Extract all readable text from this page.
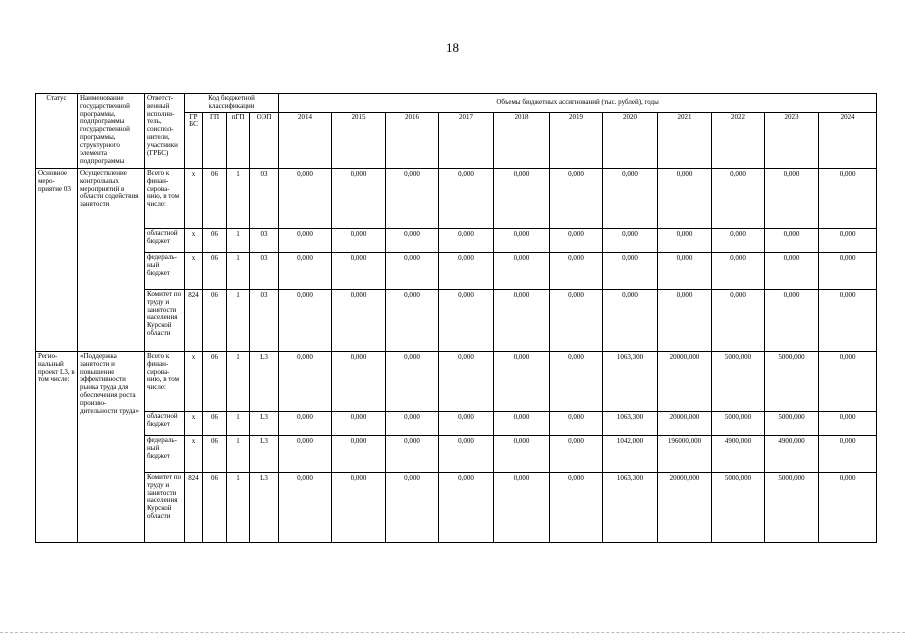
18
Статус	Наименование государственной программы, подпрограммы государственной программы, структурного элемента подпрограммы	Ответст-венный исполни-тель, соиспол-нители, участники (ГРБС)	Код бюджетной классификации				Объемы бюджетных ассигнований (тыс. рублей), годы										
			ГР БС	ГП	пГП	ОЭП	2014	2015	2016	2017	2018	2019	2020	2021	2022	2023	2024
Основное меро-приятие 03	Осуществление контрольных мероприятий в области содействия занятости	Всего к финан-сирова-нию, в том числе:	х	06	1	03	0,000	0,000	0,000	0,000	0,000	0,000	0,000	0,000	0,000	0,000	0,000
		областной бюджет	х	06	1	03	0,000	0,000	0,000	0,000	0,000	0,000	0,000	0,000	0,000	0,000	0,000
		федераль-ный бюджет	х	06	1	03	0,000	0,000	0,000	0,000	0,000	0,000	0,000	0,000	0,000	0,000	0,000
		Комитет по труду и занятости населения Курской области	824	06	1	03	0,000	0,000	0,000	0,000	0,000	0,000	0,000	0,000	0,000	0,000	0,000
Регио-нальный проект L3, в том числе:	«Поддержка занятости и повышение эффективности рынка труда для обеспечения роста произво-дительности труда»	Всего к финан-сирова-нию, в том числе:	х	06	1	L3	0,000	0,000	0,000	0,000	0,000	0,000	1063,300	20000,000	5000,000	5000,000	0,000
		областной бюджет	х	06	1	L3	0,000	0,000	0,000	0,000	0,000	0,000	1063,300	20000,000	5000,000	5000,000	0,000
		федераль-ный бюджет	х	06	1	L3	0,000	0,000	0,000	0,000	0,000	0,000	1042,000	196000,000	4900,000	4900,000	0,000
		Комитет по труду и занятости населения Курской области	824	06	1	L3	0,000	0,000	0,000	0,000	0,000	0,000	1063,300	20000,000	5000,000	5000,000	0,000
